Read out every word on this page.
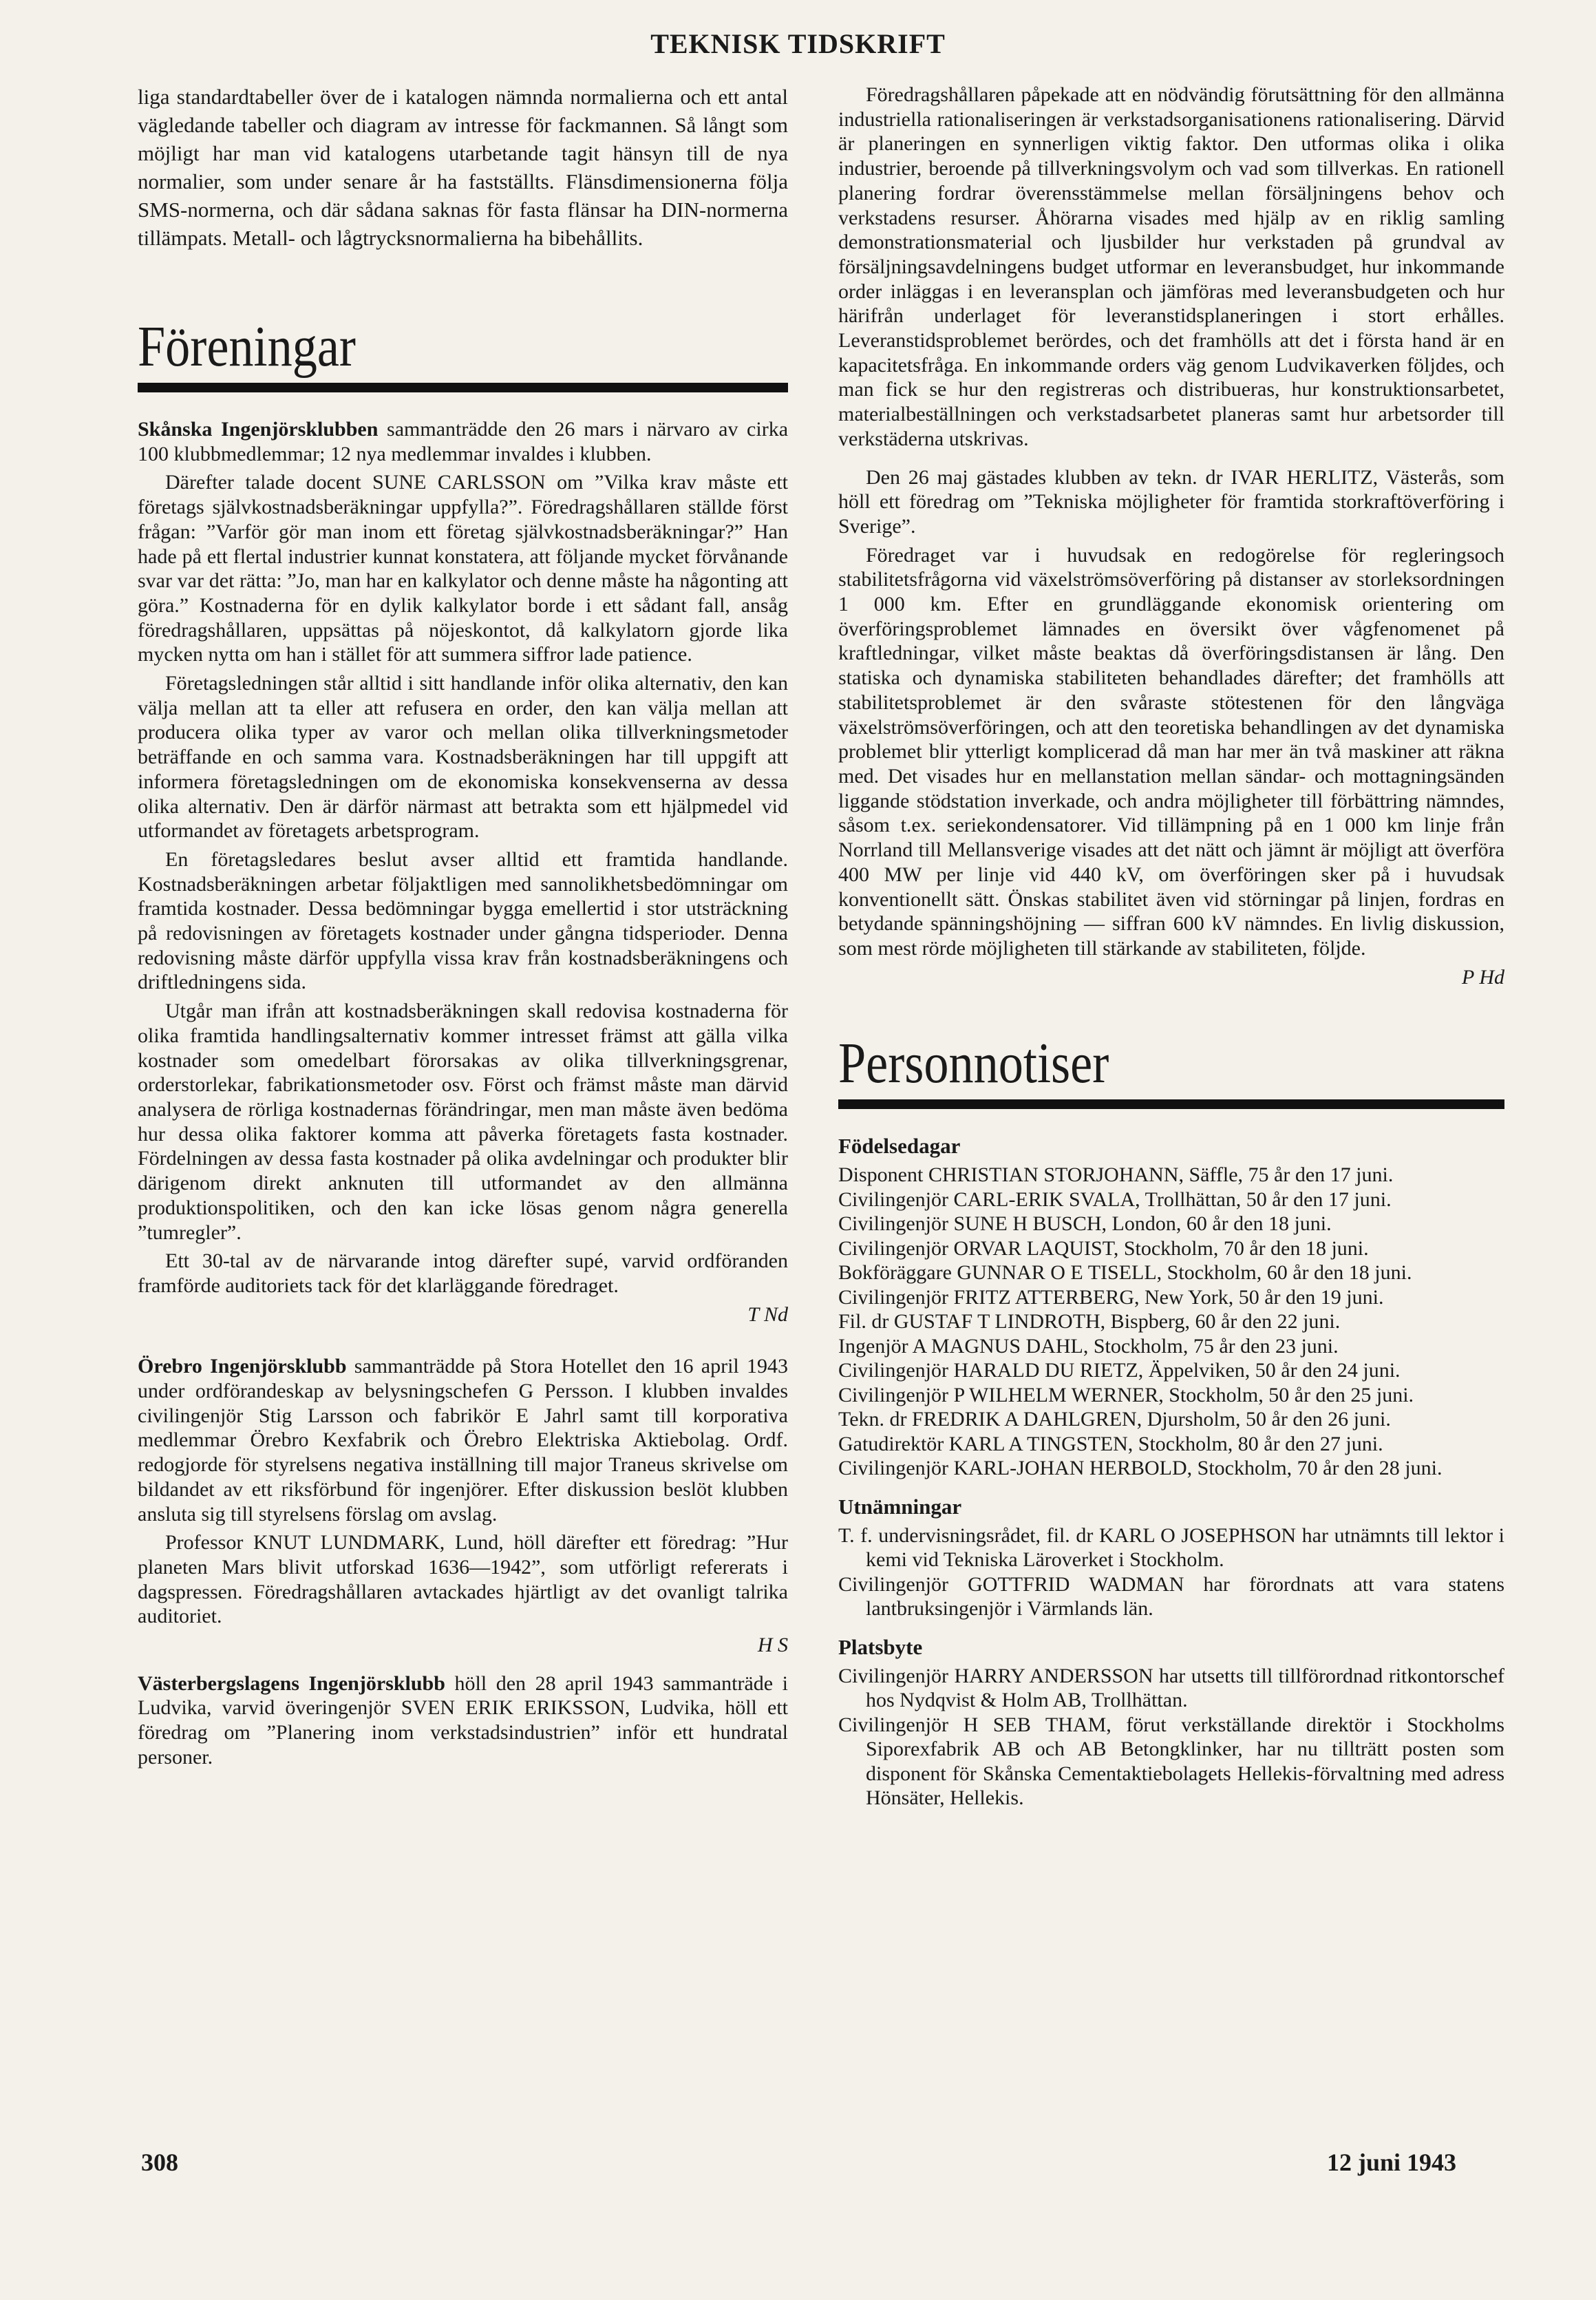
TEKNISK TIDSKRIFT

liga standardtabeller över de i katalogen nämnda normalierna och ett antal vägledande tabeller och diagram av intresse för fackmannen. Så långt som möjligt har man vid katalogens utarbetande tagit hänsyn till de nya normalier, som under senare år ha fastställts. Flänsdimensionerna följa SMS-normerna, och där sådana saknas för fasta flänsar ha DIN-normerna tillämpats. Metall- och lågtrycksnormalierna ha bibehållits.

Föreningar

Skånska Ingenjörsklubben sammanträdde den 26 mars i närvaro av cirka 100 klubbmedlemmar; 12 nya medlemmar invaldes i klubben.

Därefter talade docent SUNE CARLSSON om ”Vilka krav måste ett företags självkostnadsberäkningar uppfylla?”. Föredragshållaren ställde först frågan: ”Varför gör man inom ett företag självkostnadsberäkningar?” Han hade på ett flertal industrier kunnat konstatera, att följande mycket förvånande svar var det rätta: ”Jo, man har en kalkylator och denne måste ha någonting att göra.” Kostnaderna för en dylik kalkylator borde i ett sådant fall, ansåg föredragshållaren, uppsättas på nöjeskontot, då kalkylatorn gjorde lika mycken nytta om han i stället för att summera siffror lade patience.

Företagsledningen står alltid i sitt handlande inför olika alternativ, den kan välja mellan att ta eller att refusera en order, den kan välja mellan att producera olika typer av varor och mellan olika tillverkningsmetoder beträffande en och samma vara. Kostnadsberäkningen har till uppgift att informera företagsledningen om de ekonomiska konsekvenserna av dessa olika alternativ. Den är därför närmast att betrakta som ett hjälpmedel vid utformandet av företagets arbetsprogram.

En företagsledares beslut avser alltid ett framtida handlande. Kostnadsberäkningen arbetar följaktligen med sannolikhetsbedömningar om framtida kostnader. Dessa bedömningar bygga emellertid i stor utsträckning på redovisningen av företagets kostnader under gångna tidsperioder. Denna redovisning måste därför uppfylla vissa krav från kostnadsberäkningens och driftledningens sida.

Utgår man ifrån att kostnadsberäkningen skall redovisa kostnaderna för olika framtida handlingsalternativ kommer intresset främst att gälla vilka kostnader som omedelbart förorsakas av olika tillverkningsgrenar, orderstorlekar, fabrikationsmetoder osv. Först och främst måste man därvid analysera de rörliga kostnadernas förändringar, men man måste även bedöma hur dessa olika faktorer komma att påverka företagets fasta kostnader. Fördelningen av dessa fasta kostnader på olika avdelningar och produkter blir därigenom direkt anknuten till utformandet av den allmänna produktionspolitiken, och den kan icke lösas genom några generella ”tumregler”.

Ett 30-tal av de närvarande intog därefter supé, varvid ordföranden framförde auditoriets tack för det klarläggande föredraget.

T Nd

Örebro Ingenjörsklubb sammanträdde på Stora Hotellet den 16 april 1943 under ordförandeskap av belysningschefen G Persson. I klubben invaldes civilingenjör Stig Larsson och fabrikör E Jahrl samt till korporativa medlemmar Örebro Kexfabrik och Örebro Elektriska Aktiebolag. Ordf. redogjorde för styrelsens negativa inställning till major Traneus skrivelse om bildandet av ett riksförbund för ingenjörer. Efter diskussion beslöt klubben ansluta sig till styrelsens förslag om avslag.

Professor KNUT LUNDMARK, Lund, höll därefter ett föredrag: ”Hur planeten Mars blivit utforskad 1636—1942”, som utförligt refererats i dagspressen. Föredragshållaren avtackades hjärtligt av det ovanligt talrika auditoriet.

H S

Västerbergslagens Ingenjörsklubb höll den 28 april 1943 sammanträde i Ludvika, varvid överingenjör SVEN ERIK ERIKSSON, Ludvika, höll ett föredrag om ”Planering inom verkstadsindustrien” inför ett hundratal personer.

Föredragshållaren påpekade att en nödvändig förutsättning för den allmänna industriella rationaliseringen är verkstadsorganisationens rationalisering. Därvid är planeringen en synnerligen viktig faktor. Den utformas olika i olika industrier, beroende på tillverkningsvolym och vad som tillverkas. En rationell planering fordrar överensstämmelse mellan försäljningens behov och verkstadens resurser. Åhörarna visades med hjälp av en riklig samling demonstrationsmaterial och ljusbilder hur verkstaden på grundval av försäljningsavdelningens budget utformar en leveransbudget, hur inkommande order inläggas i en leveransplan och jämföras med leveransbudgeten och hur härifrån underlaget för leveranstidsplaneringen i stort erhålles. Leveranstidsproblemet berördes, och det framhölls att det i första hand är en kapacitetsfråga. En inkommande orders väg genom Ludvikaverken följdes, och man fick se hur den registreras och distribueras, hur konstruktionsarbetet, materialbeställningen och verkstadsarbetet planeras samt hur arbetsorder till verkstäderna utskrivas.

Den 26 maj gästades klubben av tekn. dr IVAR HERLITZ, Västerås, som höll ett föredrag om ”Tekniska möjligheter för framtida storkraftöverföring i Sverige”.

Föredraget var i huvudsak en redogörelse för regleringsoch stabilitetsfrågorna vid växelströmsöverföring på distanser av storleksordningen 1 000 km. Efter en grundläggande ekonomisk orientering om överföringsproblemet lämnades en översikt över vågfenomenet på kraftledningar, vilket måste beaktas då överföringsdistansen är lång. Den statiska och dynamiska stabiliteten behandlades därefter; det framhölls att stabilitetsproblemet är den svåraste stötestenen för den långväga växelströmsöverföringen, och att den teoretiska behandlingen av det dynamiska problemet blir ytterligt komplicerad då man har mer än två maskiner att räkna med. Det visades hur en mellanstation mellan sändar- och mottagningsänden liggande stödstation inverkade, och andra möjligheter till förbättring nämndes, såsom t.ex. seriekondensatorer. Vid tillämpning på en 1 000 km linje från Norrland till Mellansverige visades att det nätt och jämnt är möjligt att överföra 400 MW per linje vid 440 kV, om överföringen sker på i huvudsak konventionellt sätt. Önskas stabilitet även vid störningar på linjen, fordras en betydande spänningshöjning — siffran 600 kV nämndes. En livlig diskussion, som mest rörde möjligheten till stärkande av stabiliteten, följde.

P Hd

Personnotiser
Födelsedagar

Disponent CHRISTIAN STORJOHANN, Säffle, 75 år den 17 juni.

Civilingenjör CARL-ERIK SVALA, Trollhättan, 50 år den 17 juni.

Civilingenjör SUNE H BUSCH, London, 60 år den 18 juni.

Civilingenjör ORVAR LAQUIST, Stockholm, 70 år den 18 juni.

Bokföräggare GUNNAR O E TISELL, Stockholm, 60 år den 18 juni.

Civilingenjör FRITZ ATTERBERG, New York, 50 år den 19 juni.

Fil. dr GUSTAF T LINDROTH, Bispberg, 60 år den 22 juni.

Ingenjör A MAGNUS DAHL, Stockholm, 75 år den 23 juni.

Civilingenjör HARALD DU RIETZ, Äppelviken, 50 år den 24 juni.

Civilingenjör P WILHELM WERNER, Stockholm, 50 år den 25 juni.

Tekn. dr FREDRIK A DAHLGREN, Djursholm, 50 år den 26 juni.

Gatudirektör KARL A TINGSTEN, Stockholm, 80 år den 27 juni.

Civilingenjör KARL-JOHAN HERBOLD, Stockholm, 70 år den 28 juni.

Utnämningar

T. f. undervisningsrådet, fil. dr KARL O JOSEPHSON har utnämnts till lektor i kemi vid Tekniska Läroverket i Stockholm.

Civilingenjör GOTTFRID WADMAN har förordnats att vara statens lantbruksingenjör i Värmlands län.

Platsbyte

Civilingenjör HARRY ANDERSSON har utsetts till tillförordnad ritkontorschef hos Nydqvist & Holm AB, Trollhättan.

Civilingenjör H SEB THAM, förut verkställande direktör i Stockholms Siporexfabrik AB och AB Betongklinker, har nu tillträtt posten som disponent för Skånska Cementaktiebolagets Hellekis-förvaltning med adress Hönsäter, Hellekis.

308	12 juni 1943
